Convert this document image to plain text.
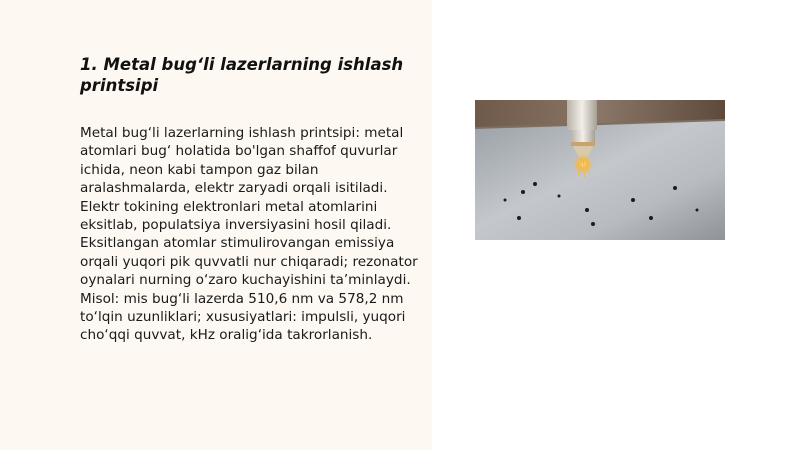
1. Metal bug‘li lazerlarning ishlash printsipi

Metal bug‘li lazerlarning ishlash printsipi: metal atomlari bug‘ holatida bo'lgan shaffof quvurlar ichida, neon kabi tampon gaz bilan aralashmalarda, elektr zaryadi orqali isitiladi. Elektr tokining elektronlari metal atomlarini eksitlab, populatsiya inversiyasini hosil qiladi. Eksitlangan atomlar stimulirovangan emissiya orqali yuqori pik quvvatli nur chiqaradi; rezonator oynalari nurning o‘zaro kuchayishini ta’minlaydi. Misol: mis bug‘li lazerda 510,6 nm va 578,2 nm to‘lqin uzunliklari; xususiyatlari: impulsli, yuqori cho‘qqi quvvat, kHz oralig‘ida takrorlanish.
